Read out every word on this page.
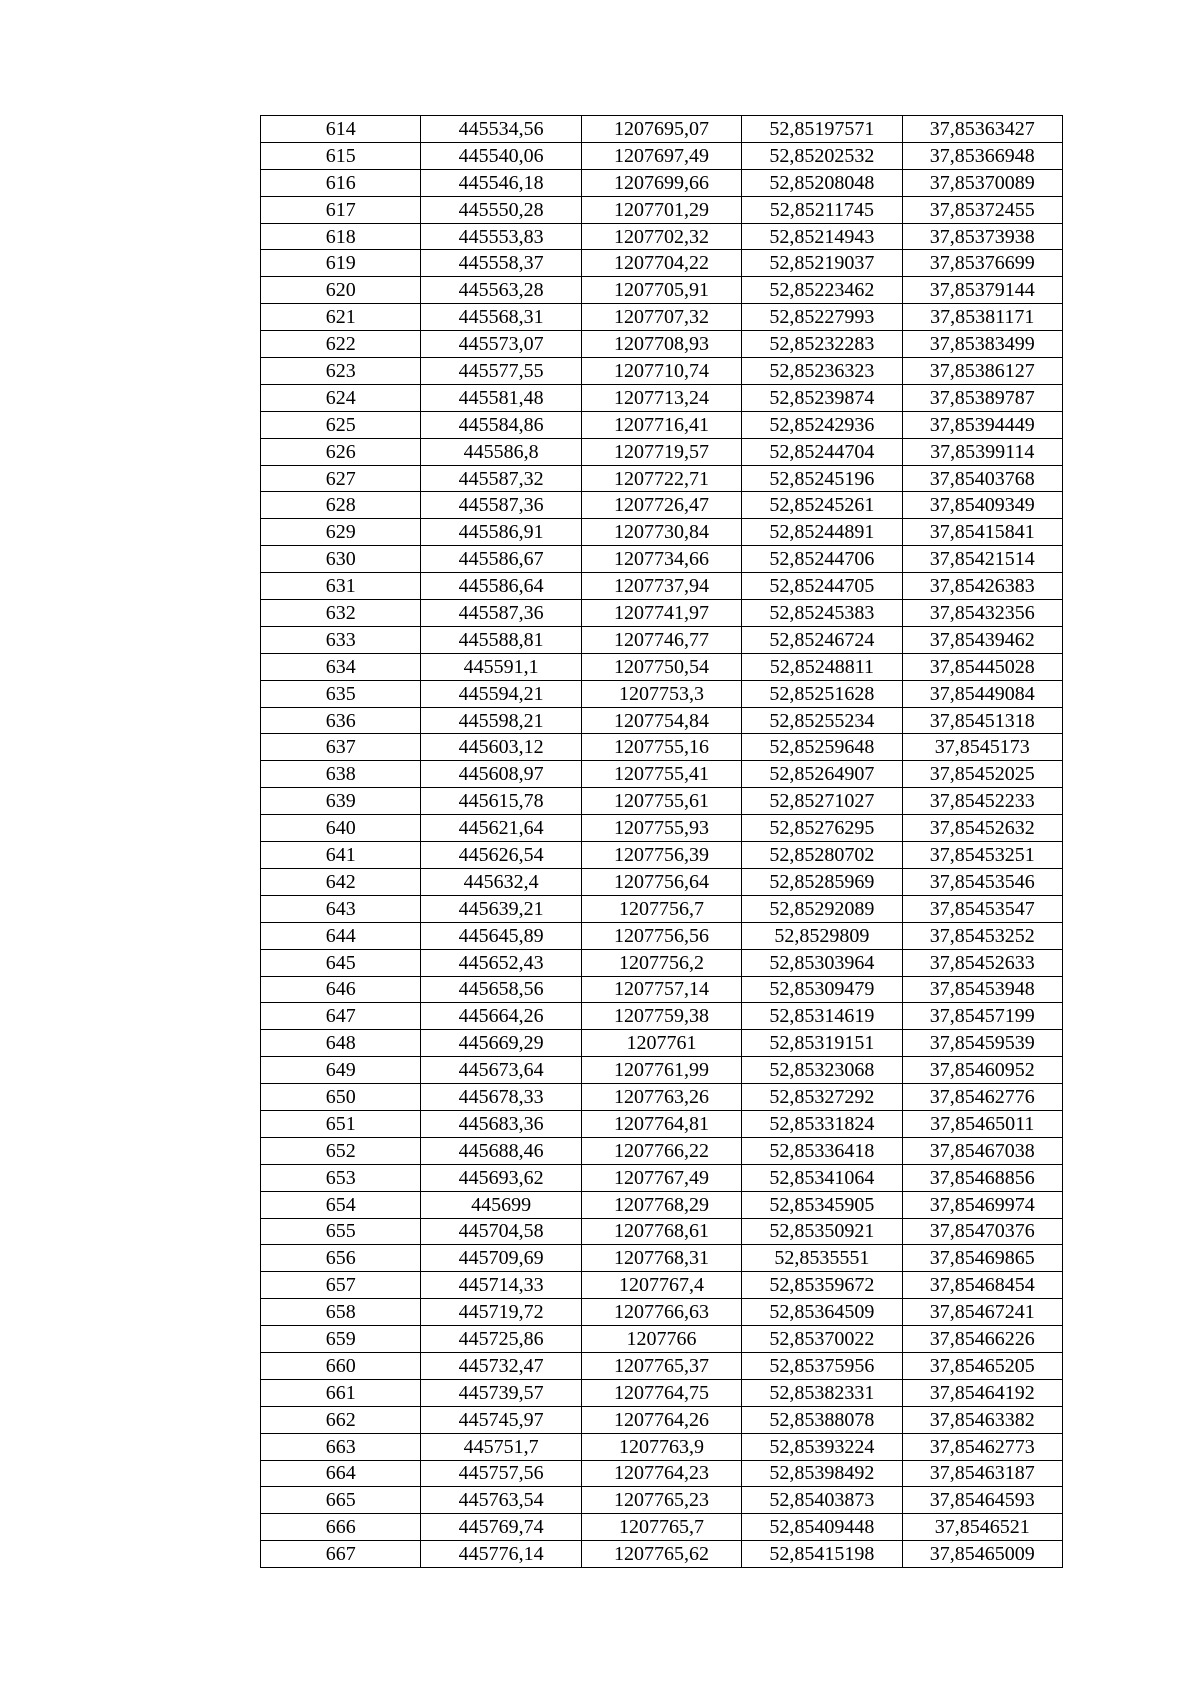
614	445534,56	1207695,07	52,85197571	37,85363427
615	445540,06	1207697,49	52,85202532	37,85366948
616	445546,18	1207699,66	52,85208048	37,85370089
617	445550,28	1207701,29	52,85211745	37,85372455
618	445553,83	1207702,32	52,85214943	37,85373938
619	445558,37	1207704,22	52,85219037	37,85376699
620	445563,28	1207705,91	52,85223462	37,85379144
621	445568,31	1207707,32	52,85227993	37,85381171
622	445573,07	1207708,93	52,85232283	37,85383499
623	445577,55	1207710,74	52,85236323	37,85386127
624	445581,48	1207713,24	52,85239874	37,85389787
625	445584,86	1207716,41	52,85242936	37,85394449
626	445586,8	1207719,57	52,85244704	37,85399114
627	445587,32	1207722,71	52,85245196	37,85403768
628	445587,36	1207726,47	52,85245261	37,85409349
629	445586,91	1207730,84	52,85244891	37,85415841
630	445586,67	1207734,66	52,85244706	37,85421514
631	445586,64	1207737,94	52,85244705	37,85426383
632	445587,36	1207741,97	52,85245383	37,85432356
633	445588,81	1207746,77	52,85246724	37,85439462
634	445591,1	1207750,54	52,85248811	37,85445028
635	445594,21	1207753,3	52,85251628	37,85449084
636	445598,21	1207754,84	52,85255234	37,85451318
637	445603,12	1207755,16	52,85259648	37,8545173
638	445608,97	1207755,41	52,85264907	37,85452025
639	445615,78	1207755,61	52,85271027	37,85452233
640	445621,64	1207755,93	52,85276295	37,85452632
641	445626,54	1207756,39	52,85280702	37,85453251
642	445632,4	1207756,64	52,85285969	37,85453546
643	445639,21	1207756,7	52,85292089	37,85453547
644	445645,89	1207756,56	52,8529809	37,85453252
645	445652,43	1207756,2	52,85303964	37,85452633
646	445658,56	1207757,14	52,85309479	37,85453948
647	445664,26	1207759,38	52,85314619	37,85457199
648	445669,29	1207761	52,85319151	37,85459539
649	445673,64	1207761,99	52,85323068	37,85460952
650	445678,33	1207763,26	52,85327292	37,85462776
651	445683,36	1207764,81	52,85331824	37,85465011
652	445688,46	1207766,22	52,85336418	37,85467038
653	445693,62	1207767,49	52,85341064	37,85468856
654	445699	1207768,29	52,85345905	37,85469974
655	445704,58	1207768,61	52,85350921	37,85470376
656	445709,69	1207768,31	52,8535551	37,85469865
657	445714,33	1207767,4	52,85359672	37,85468454
658	445719,72	1207766,63	52,85364509	37,85467241
659	445725,86	1207766	52,85370022	37,85466226
660	445732,47	1207765,37	52,85375956	37,85465205
661	445739,57	1207764,75	52,85382331	37,85464192
662	445745,97	1207764,26	52,85388078	37,85463382
663	445751,7	1207763,9	52,85393224	37,85462773
664	445757,56	1207764,23	52,85398492	37,85463187
665	445763,54	1207765,23	52,85403873	37,85464593
666	445769,74	1207765,7	52,85409448	37,8546521
667	445776,14	1207765,62	52,85415198	37,85465009
